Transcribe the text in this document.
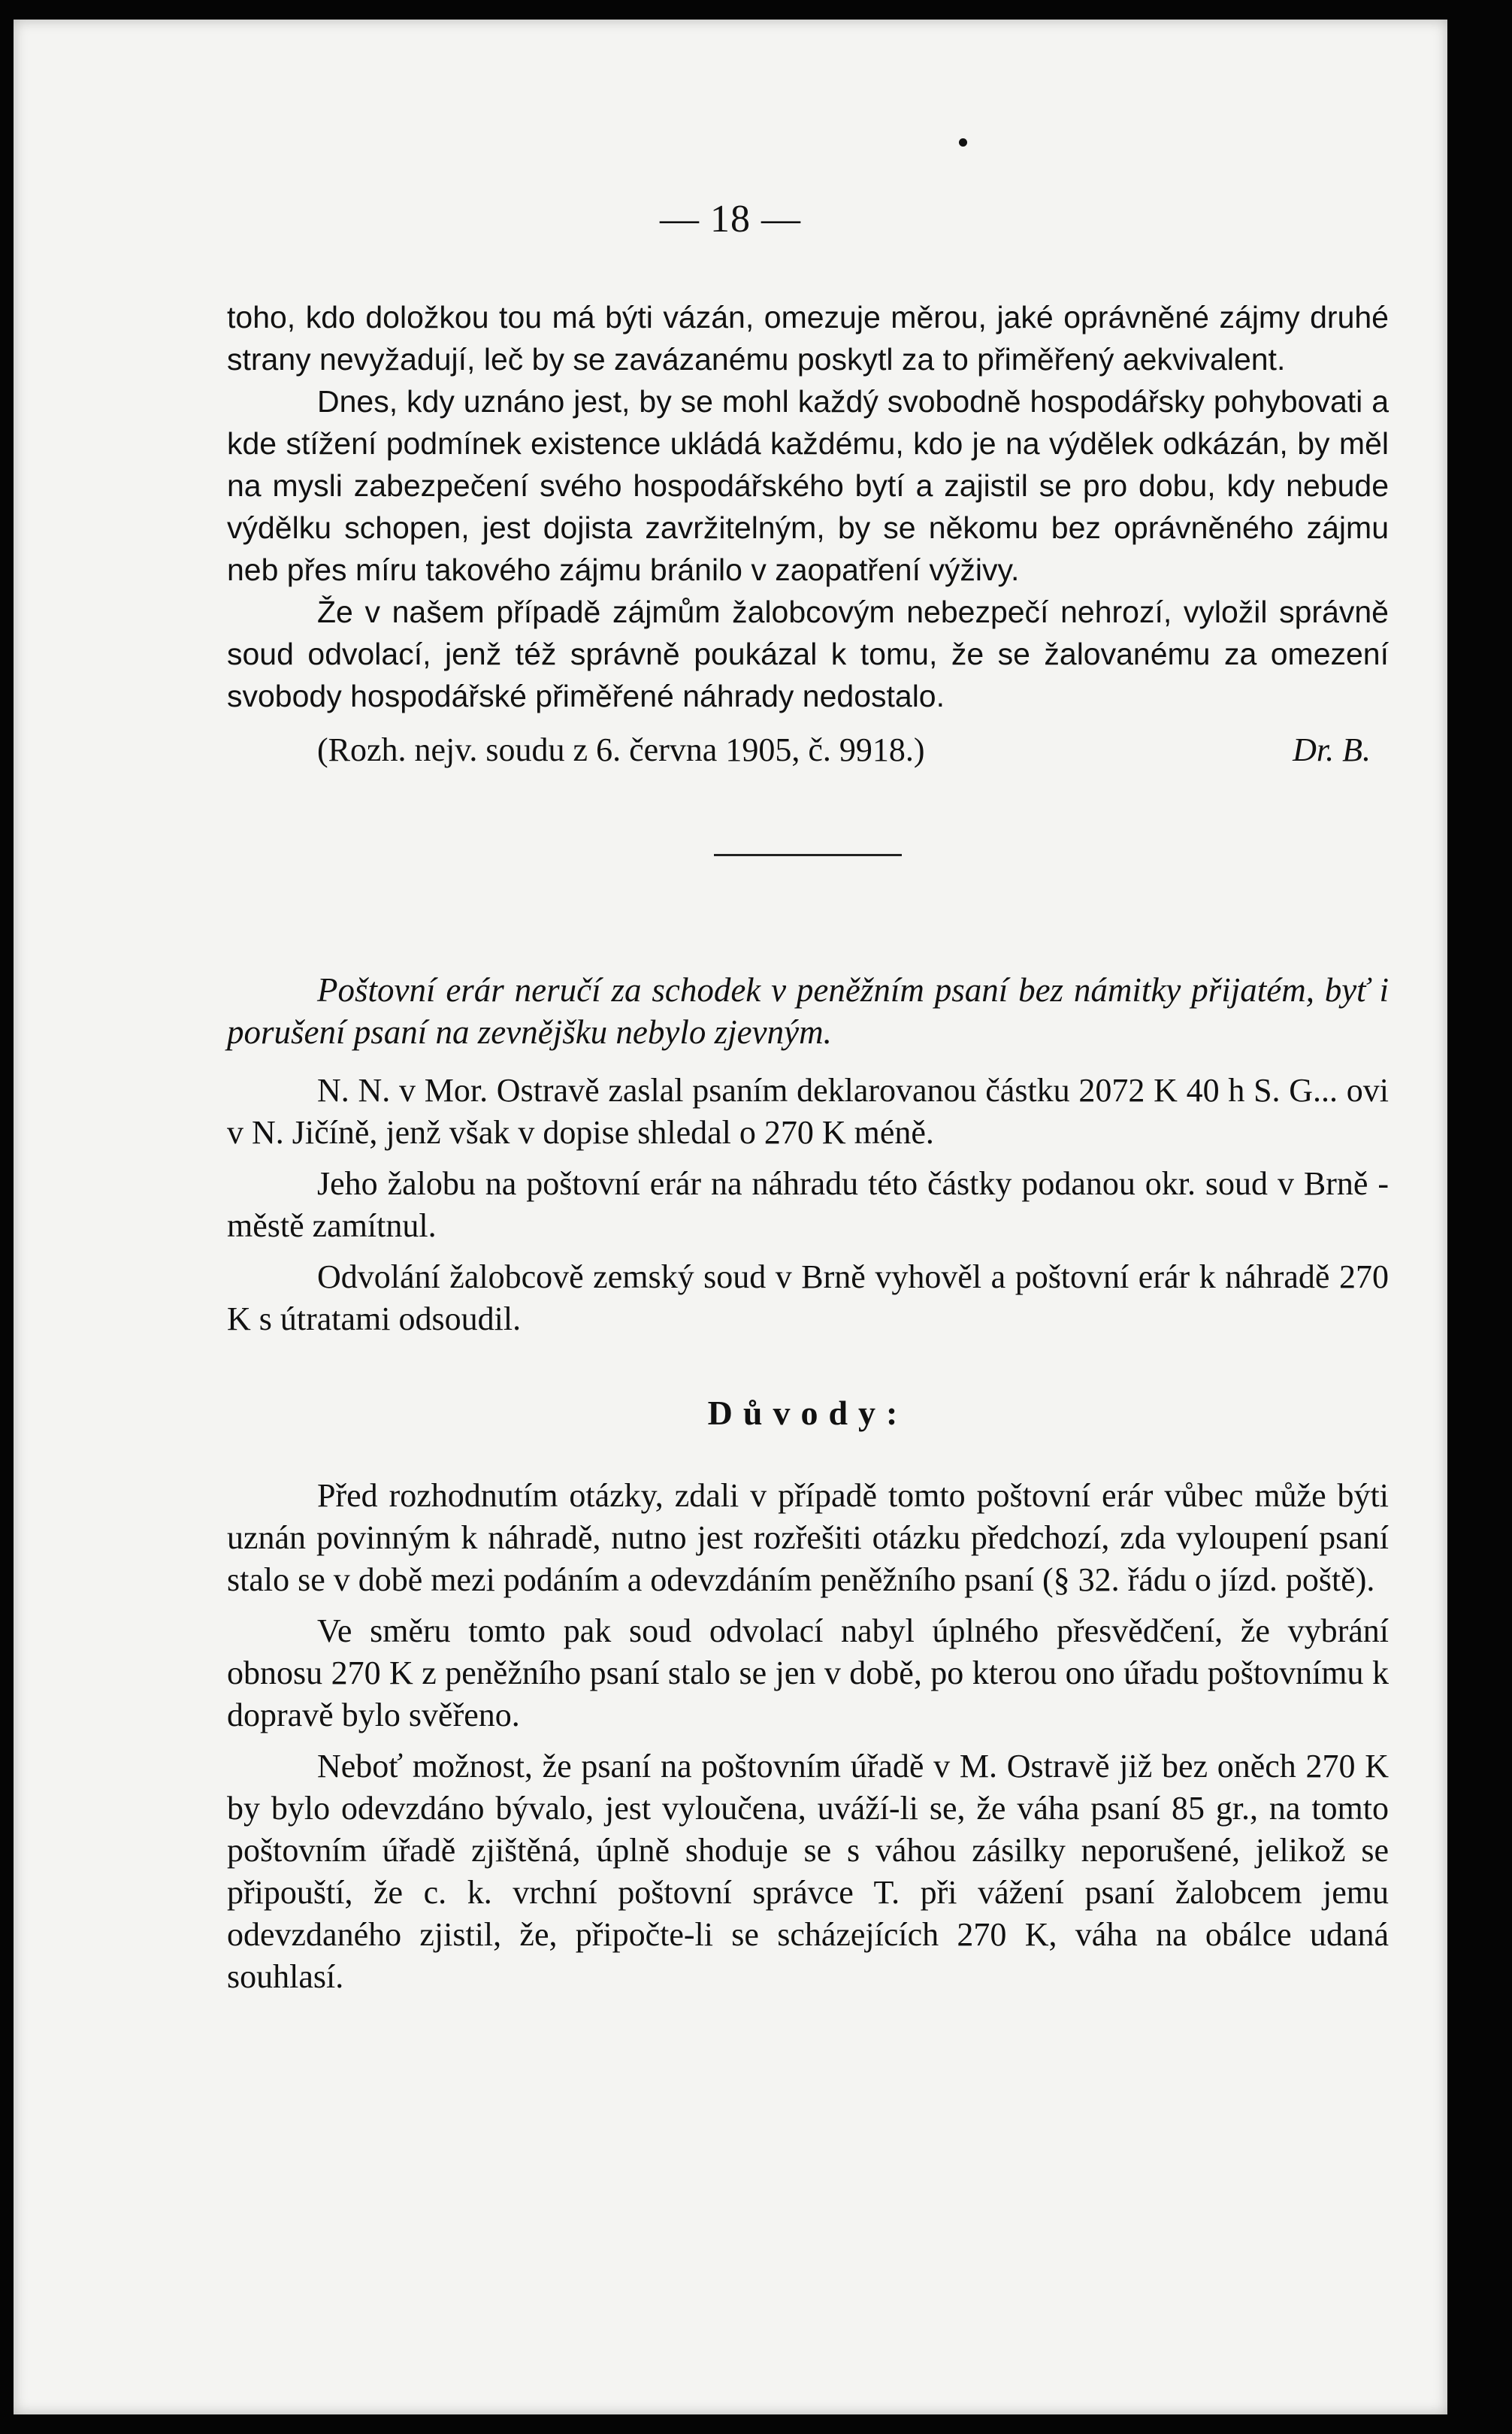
— 18 —

toho, kdo doložkou tou má býti vázán, omezuje měrou, jaké oprávněné zájmy druhé strany nevyžadují, leč by se zavázanému poskytl za to přiměřený aekvivalent.

Dnes, kdy uznáno jest, by se mohl každý svobodně hospodářsky pohybovati a kde stížení podmínek existence ukládá každému, kdo je na výdělek odkázán, by měl na mysli zabezpečení svého hospodářského bytí a zajistil se pro dobu, kdy nebude výdělku schopen, jest dojista zavržitelným, by se někomu bez oprávněného zájmu neb přes míru takového zájmu bránilo v zaopatření výživy.

Že v našem případě zájmům žalobcovým nebezpečí nehrozí, vyložil správně soud odvolací, jenž též správně poukázal k tomu, že se žalovanému za omezení svobody hospodářské přiměřené náhrady nedostalo.

(Rozh. nejv. soudu z 6. června 1905, č. 9918.)	Dr. B.

Poštovní erár neručí za schodek v peněžním psaní bez námitky přijatém, byť i porušení psaní na zevnějšku nebylo zjevným.

N. N. v Mor. Ostravě zaslal psaním deklarovanou částku 2072 K 40 h S. G... ovi v N. Jičíně, jenž však v dopise shledal o 270 K méně.

Jeho žalobu na poštovní erár na náhradu této částky podanou okr. soud v Brně - městě zamítnul.

Odvolání žalobcově zemský soud v Brně vyhověl a poštovní erár k náhradě 270 K s útratami odsoudil.

Důvody:

Před rozhodnutím otázky, zdali v případě tomto poštovní erár vůbec může býti uznán povinným k náhradě, nutno jest rozřešiti otázku předchozí, zda vyloupení psaní stalo se v době mezi podáním a odevzdáním peněžního psaní (§ 32. řádu o jízd. poště).

Ve směru tomto pak soud odvolací nabyl úplného přesvědčení, že vybrání obnosu 270 K z peněžního psaní stalo se jen v době, po kterou ono úřadu poštovnímu k dopravě bylo svěřeno.

Neboť možnost, že psaní na poštovním úřadě v M. Ostravě již bez oněch 270 K by bylo odevzdáno bývalo, jest vyloučena, uváží-li se, že váha psaní 85 gr., na tomto poštovním úřadě zjištěná, úplně shoduje se s váhou zásilky neporušené, jelikož se připouští, že c. k. vrchní poštovní správce T. při vážení psaní žalobcem jemu odevzdaného zjistil, že, připočte-li se scházejících 270 K, váha na obálce udaná souhlasí.
